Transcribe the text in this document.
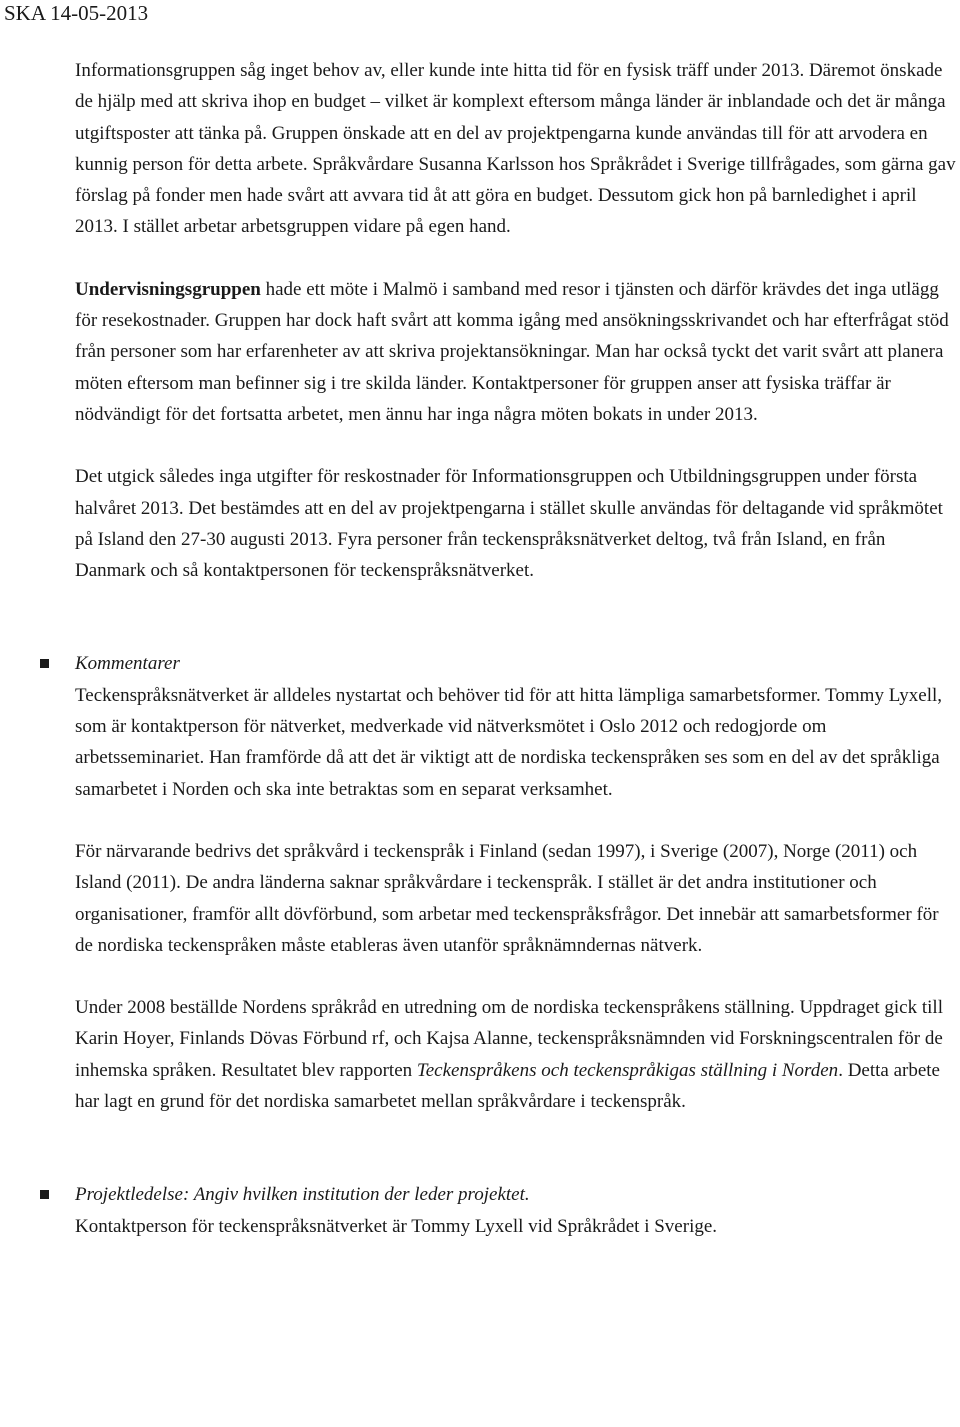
SKA 14-05-2013

Informationsgruppen såg inget behov av, eller kunde inte hitta tid för en fysisk träff under 2013. Däremot önskade de hjälp med att skriva ihop en budget – vilket är komplext eftersom många länder är inblandade och det är många utgiftsposter att tänka på. Gruppen önskade att en del av projektpengarna kunde användas till för att arvodera en kunnig person för detta arbete. Språkvårdare Susanna Karlsson hos Språkrådet i Sverige tillfrågades, som gärna gav förslag på fonder men hade svårt att avvara tid åt att göra en budget. Dessutom gick hon på barnledighet i april 2013. I stället arbetar arbetsgruppen vidare på egen hand.

Undervisningsgruppen hade ett möte i Malmö i samband med resor i tjänsten och därför krävdes det inga utlägg för resekostnader. Gruppen har dock haft svårt att komma igång med ansökningsskrivandet och har efterfrågat stöd från personer som har erfarenheter av att skriva projektansökningar. Man har också tyckt det varit svårt att planera möten eftersom man befinner sig i tre skilda länder. Kontaktpersoner för gruppen anser att fysiska träffar är nödvändigt för det fortsatta arbetet, men ännu har inga några möten bokats in under 2013.

Det utgick således inga utgifter för reskostnader för Informationsgruppen och Utbildningsgruppen under första halvåret 2013. Det bestämdes att en del av projektpengarna i stället skulle användas för deltagande vid språkmötet på Island den 27-30 augusti 2013. Fyra personer från teckenspråksnätverket deltog, två från Island, en från Danmark och så kontaktpersonen för teckenspråksnätverket.

Kommentarer

Teckenspråksnätverket är alldeles nystartat och behöver tid för att hitta lämpliga samarbetsformer. Tommy Lyxell, som är kontaktperson för nätverket, medverkade vid nätverksmötet i Oslo 2012 och redogjorde om arbetsseminariet. Han framförde då att det är viktigt att de nordiska teckenspråken ses som en del av det språkliga samarbetet i Norden och ska inte betraktas som en separat verksamhet.

För närvarande bedrivs det språkvård i teckenspråk i Finland (sedan 1997), i Sverige (2007), Norge (2011) och Island (2011). De andra länderna saknar språkvårdare i teckenspråk. I stället är det andra institutioner och organisationer, framför allt dövförbund, som arbetar med teckenspråksfrågor. Det innebär att samarbetsformer för de nordiska teckenspråken måste etableras även utanför språknämndernas nätverk.

Under 2008 beställde Nordens språkråd en utredning om de nordiska teckenspråkens ställning. Uppdraget gick till Karin Hoyer, Finlands Dövas Förbund rf, och Kajsa Alanne, teckenspråksnämnden vid Forskningscentralen för de inhemska språken. Resultatet blev rapporten Teckenspråkens och teckenspråkigas ställning i Norden. Detta arbete har lagt en grund för det nordiska samarbetet mellan språkvårdare i teckenspråk.

Projektledelse: Angiv hvilken institution der leder projektet.

Kontaktperson för teckenspråksnätverket är Tommy Lyxell vid Språkrådet i Sverige.
